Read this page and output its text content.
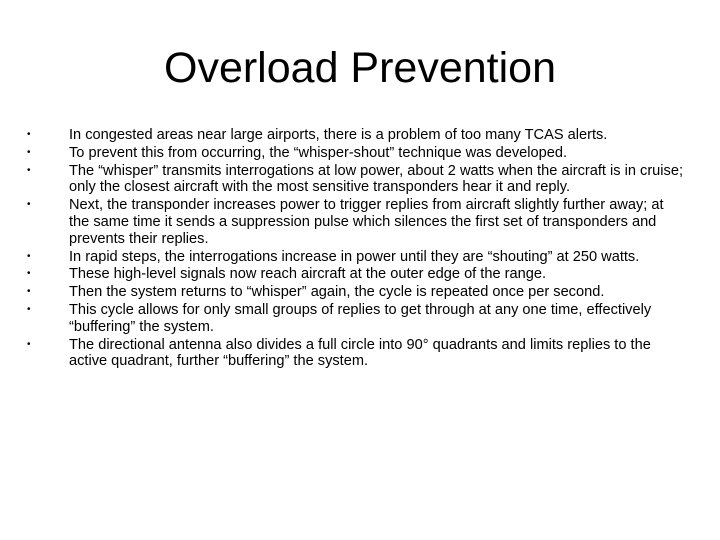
Overload Prevention
•	In congested areas near large airports, there is a problem of too many TCAS alerts.
•	To prevent this from occurring, the “whisper-shout” technique was developed.
•	The “whisper” transmits interrogations at low power, about 2 watts when the aircraft is in cruise; only the closest aircraft with the most sensitive transponders hear it and reply.
•	Next, the transponder increases power to trigger replies from aircraft slightly further away; at the same time it sends a suppression pulse which silences the first set of transponders and prevents their replies.
•	In rapid steps, the interrogations increase in power until they are “shouting” at 250 watts.
•	These high-level signals now reach aircraft at the outer edge of the range.
•	Then the system returns to “whisper” again, the cycle is repeated once per second.
•	This cycle allows for only small groups of replies to get through at any one time, effectively “buffering” the system.
•	The directional antenna also divides a full circle into 90° quadrants and limits replies to the active quadrant, further “buffering” the system.
